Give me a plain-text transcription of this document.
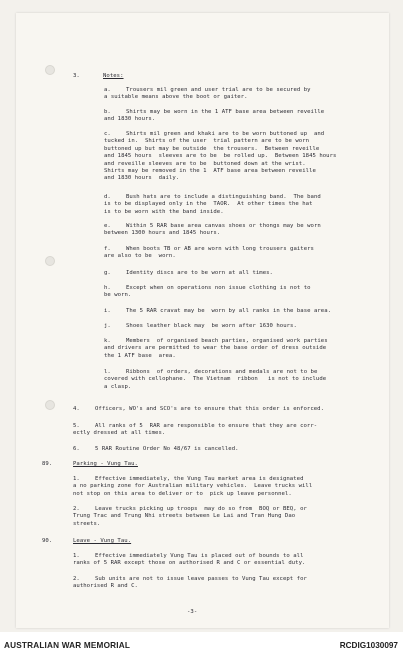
3.	Notes:
a.	Trousers mil green and user trial are to be secured by
a suitable means above the boot or gaiter.
b.	Shirts may be worn in the 1 ATF base area between reveille
and 1830 hours.
c.	Shirts mil green and khaki are to be worn buttoned up  and
tucked in.  Shirts of the user  trial pattern are to be worn
buttoned up but may be outside  the trousers.  Between reveille
and 1845 hours  sleeves are to be  be rolled up.  Between 1845 hours
and reveille sleeves are to be  buttoned down at the wrist.
Shirts may be removed in the 1  ATF base area between reveille
and 1830 hours  daily.
d.	Bush hats are to include a distinguishing band.  The band
is to be displayed only in the  TAOR.  At other times the hat
is to be worn with the band inside.
e.	Within 5 RAR base area canvas shoes or thongs may be worn
between 1300 hours and 1845 hours.
f.	When boots TB or AB are worn with long trousers gaiters
are also to be  worn.
g.	Identity discs are to be worn at all times.
h.	Except when on operations non issue clothing is not to
be worn.
i.	The 5 RAR cravat may be  worn by all ranks in the base area.
j.	Shoes leather black may  be worn after 1630 hours.
k.	Members  of organised beach parties, organised work parties
and drivers are permitted to wear the base order of dress outside
the 1 ATF base  area.
l.	Ribbons  of orders, decorations and medals are not to be
covered with cellophane.  The Vietnam  ribbon   is not to include
a clasp.
4.	Officers, WO's and SCO's are to ensure that this order is enforced.
5.	All ranks of 5  RAR are responsible to ensure that they are corr-
ectly dressed at all times.
6.	5 RAR Routine Order No 48/67 is cancelled.
89.	Parking - Vung Tau.
1.	Effective immediately, the Vung Tau market area is designated
a no parking zone for Australian military vehicles.  Leave trucks will
not stop on this area to deliver or to  pick up leave personnel.
2.	Leave trucks picking up troops  may do so from  BOQ or BEQ, or
Trung Trac and Trung Nhi streets between Le Lai and Tran Hung Dao
streets.
90.	Leave - Vung Tau.
1.	Effective immediately Vung Tau is placed out of bounds to all
ranks of 5 RAR except those on authorised R and C or essential duty.
2.	Sub units are not to issue leave passes to Vung Tau except for
authorised R and C.
-3-
AUSTRALIAN WAR MEMORIAL	RCDIG1030097
